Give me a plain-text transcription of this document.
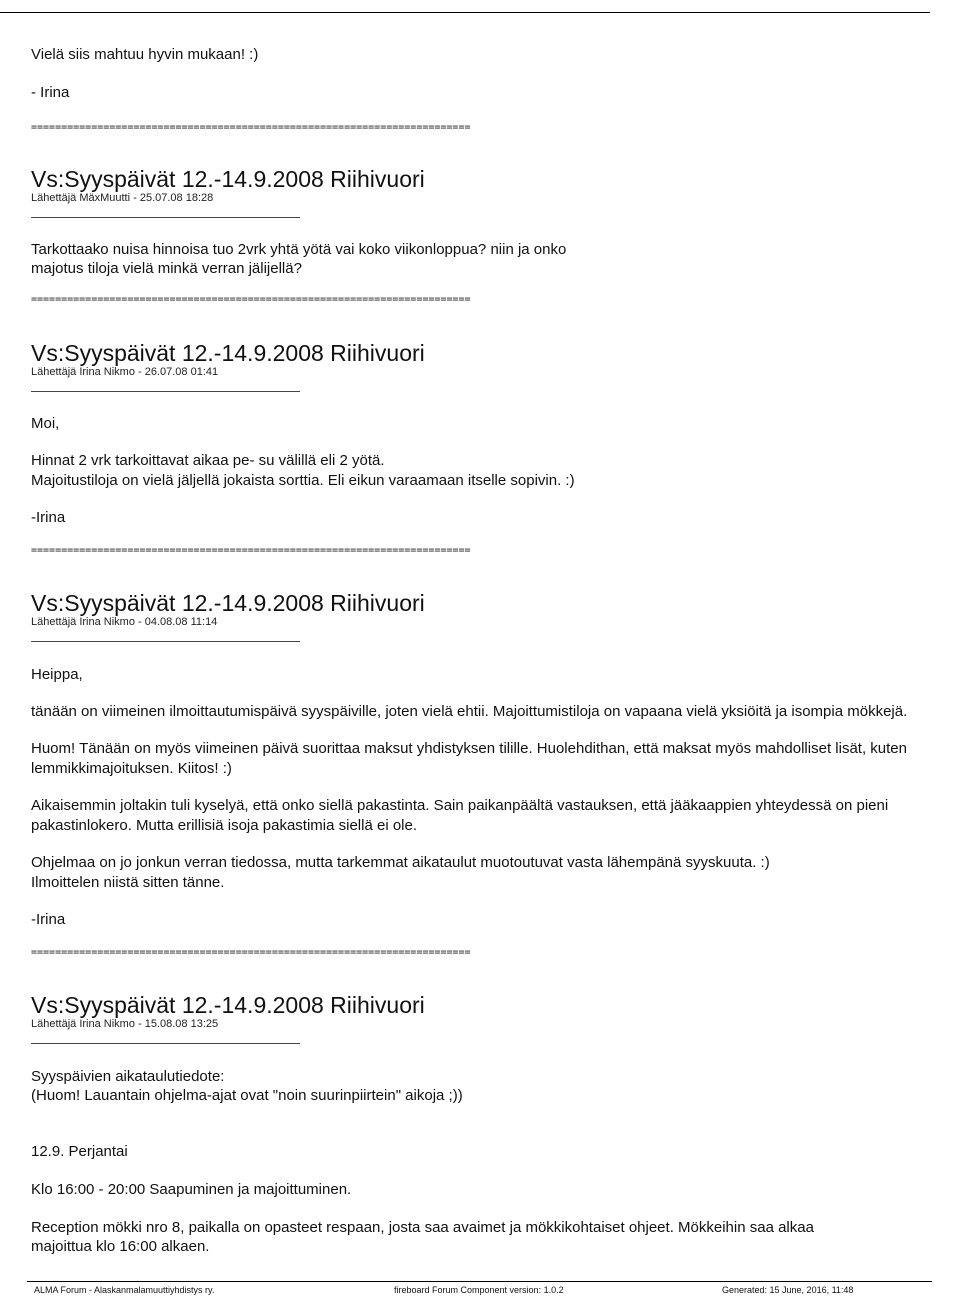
Vielä siis mahtuu hyvin mukaan! :)
- Irina
=========================================================================
Vs:Syyspäivät 12.-14.9.2008 Riihivuori
Lähettäjä MäxMuutti - 25.07.08 18:28
Tarkottaako nuisa hinnoisa tuo 2vrk yhtä yötä vai koko viikonloppua? niin ja onko
majotus tiloja vielä minkä verran jälijellä?
=========================================================================
Vs:Syyspäivät 12.-14.9.2008 Riihivuori
Lähettäjä Irina Nikmo - 26.07.08 01:41
Moi,
Hinnat 2 vrk tarkoittavat aikaa pe- su välillä eli 2 yötä.
Majoitustiloja on vielä jäljellä jokaista sorttia. Eli eikun varaamaan itselle sopivin. :)
-Irina
=========================================================================
Vs:Syyspäivät 12.-14.9.2008 Riihivuori
Lähettäjä Irina Nikmo - 04.08.08 11:14
Heippa,
tänään on viimeinen ilmoittautumispäivä syyspäiville, joten vielä ehtii. Majoittumistiloja on vapaana vielä yksiöitä ja isompia mökkejä.
Huom! Tänään on myös viimeinen päivä suorittaa maksut yhdistyksen tilille. Huolehdithan, että maksat myös mahdolliset lisät, kuten
lemmikkimajoituksen. Kiitos! :)
Aikaisemmin joltakin tuli kyselyä, että onko siellä pakastinta. Sain paikanpäältä vastauksen, että jääkaappien yhteydessä on pieni
pakastinlokero. Mutta erillisiä isoja pakastimia siellä ei ole.
Ohjelmaa on jo jonkun verran tiedossa, mutta tarkemmat aikataulut muotoutuvat vasta lähempänä syyskuuta. :)
Ilmoittelen niistä sitten tänne.
-Irina
=========================================================================
Vs:Syyspäivät 12.-14.9.2008 Riihivuori
Lähettäjä Irina Nikmo - 15.08.08 13:25
Syyspäivien aikataulutiedote:
(Huom! Lauantain ohjelma-ajat ovat "noin suurinpiirtein" aikoja ;))
12.9. Perjantai
Klo 16:00 - 20:00 Saapuminen ja majoittuminen.
Reception mökki nro 8, paikalla on opasteet respaan, josta saa avaimet ja mökkikohtaiset ohjeet. Mökkeihin saa alkaa
majoittua klo 16:00 alkaen.
ALMA Forum - Alaskanmalamuuttiyhdistys ry.	fireboard Forum Component version: 1.0.2	Generated: 15 June, 2016, 11:48
